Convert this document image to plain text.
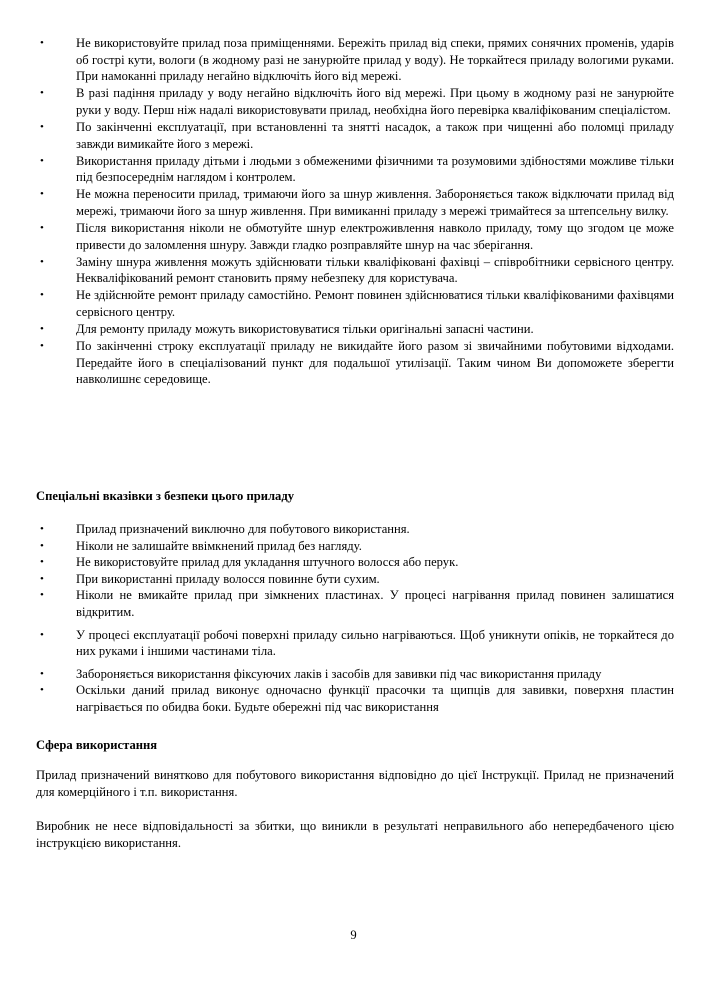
•	Не використовуйте прилад поза приміщеннями. Бережіть прилад від спеки, прямих сонячних променів, ударів об гострі кути, вологи (в жодному разі не занурюйте прилад у воду). Не торкайтеся приладу вологими руками. При намоканні приладу негайно відключіть його від мережі.
•	В разі падіння приладу у воду негайно відключіть його від мережі. При цьому в жодному разі не занурюйте руки у воду. Перш ніж надалі використовувати прилад, необхідна його перевірка кваліфікованим спеціалістом.
•	По закінченні експлуатації, при встановленні та знятті насадок, а також при чищенні або поломці приладу завжди вимикайте його з мережі.
•	Використання приладу дітьми і людьми з обмеженими фізичними та розумовими здібностями можливе тільки під безпосереднім наглядом і контролем.
•	Не можна переносити прилад, тримаючи його за шнур живлення. Забороняється також відключати прилад від мережі, тримаючи його за шнур живлення. При вимиканні приладу з мережі тримайтеся за штепсельну вилку.
•	Після використання ніколи не обмотуйте шнур електроживлення навколо приладу, тому що згодом це може привести до заломлення шнуру. Завжди гладко розправляйте шнур на час зберігання.
•	Заміну шнура живлення можуть здійснювати тільки кваліфіковані фахівці – співробітники сервісного центру. Некваліфікований ремонт становить пряму небезпеку для користувача.
•	Не здійснюйте ремонт приладу самостійно. Ремонт повинен здійснюватися тільки кваліфікованими фахівцями сервісного центру.
•	Для ремонту приладу можуть використовуватися тільки оригінальні запасні частини.
•	По закінченні строку експлуатації приладу не викидайте його разом зі звичайними побутовими відходами. Передайте його в спеціалізований пункт для подальшої утилізації. Таким чином Ви допоможете зберегти навколишнє середовище.
Спеціальні вказівки з безпеки цього приладу
•	Прилад призначений виключно для побутового використання.
•	Ніколи не залишайте ввімкнений прилад без нагляду.
•	Не використовуйте прилад для укладання штучного волосся або перук.
•	При використанні приладу волосся повинне бути сухим.
•	Ніколи не вмикайте прилад при зімкнених пластинах. У процесі нагрівання прилад повинен залишатися відкритим.
•	У процесі експлуатації робочі поверхні приладу сильно нагріваються. Щоб уникнути опіків, не торкайтеся до них руками і іншими частинами тіла.
•	Забороняється використання фіксуючих лаків і засобів для завивки під час використання приладу
•	Оскільки даний прилад виконує одночасно функції прасочки та щипців для завивки, поверхня пластин нагрівається по обидва боки. Будьте обережні під час використання
Сфера використання
Прилад призначений винятково для побутового використання відповідно до цієї Інструкції. Прилад не призначений для комерційного і т.п. використання.
Виробник не несе відповідальності за збитки, що виникли в результаті неправильного або непередбаченого цією інструкцією використання.
9
